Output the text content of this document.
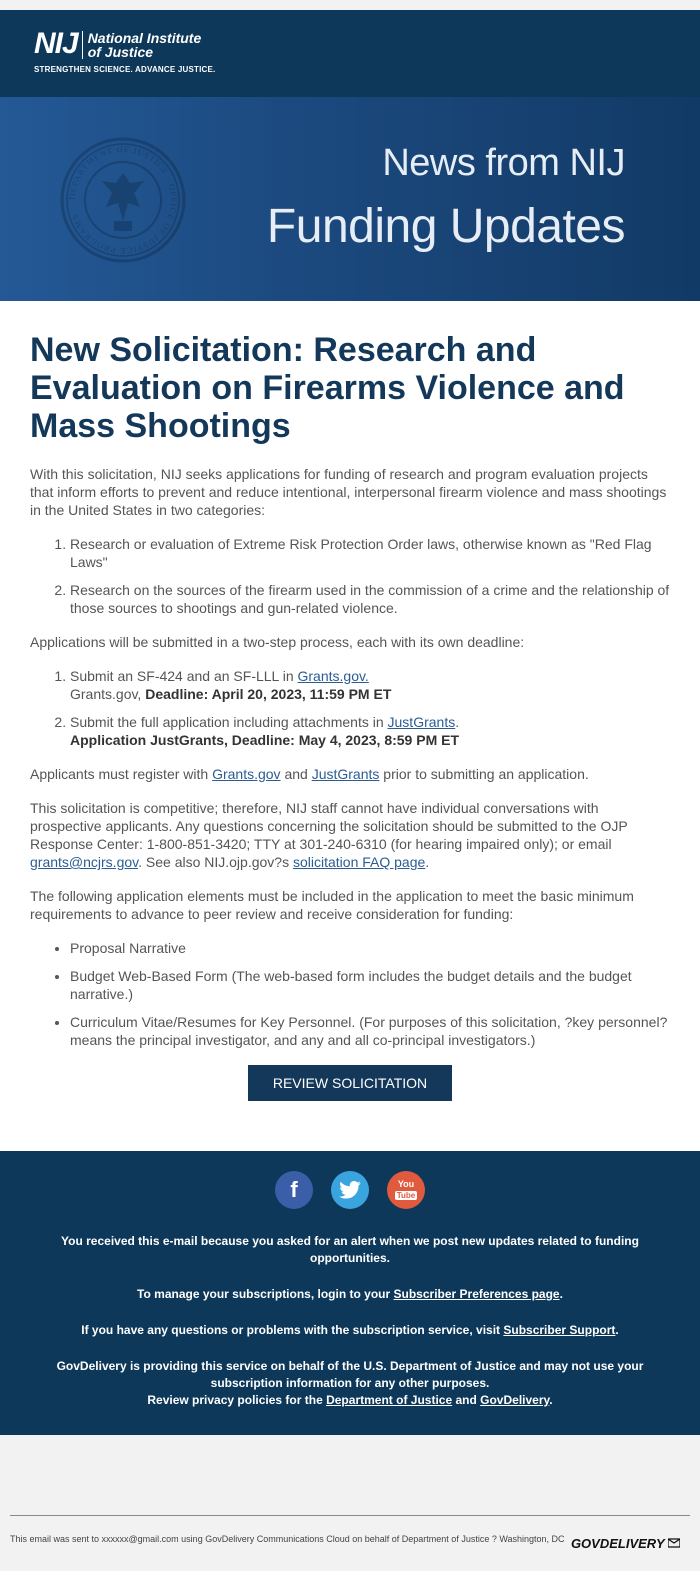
NIJ National Institute
of Justice
STRENGTHEN SCIENCE. ADVANCE JUSTICE.
DEPARTMENT OF JUSTICE · OFFICE OF JUSTICE PROGRAMS
News from NIJ
Funding Updates
New Solicitation: Research and Evaluation on Firearms Violence and Mass Shootings

With this solicitation, NIJ seeks applications for funding of research and program evaluation projects that inform efforts to prevent and reduce intentional, interpersonal firearm violence and mass shootings in the United States in two categories:

1. Research or evaluation of Extreme Risk Protection Order laws, otherwise known as "Red Flag Laws"
2. Research on the sources of the firearm used in the commission of a crime and the relationship of those sources to shootings and gun-related violence.

Applications will be submitted in a two-step process, each with its own deadline:

1. Submit an SF-424 and an SF-LLL in Grants.gov.
Grants.gov, Deadline: April 20, 2023, 11:59 PM ET
2. Submit the full application including attachments in JustGrants.
Application JustGrants, Deadline: May 4, 2023, 8:59 PM ET

Applicants must register with Grants.gov and JustGrants prior to submitting an application.

This solicitation is competitive; therefore, NIJ staff cannot have individual conversations with prospective applicants. Any questions concerning the solicitation should be submitted to the OJP Response Center: 1-800-851-3420; TTY at 301-240-6310 (for hearing impaired only); or email grants@ncjrs.gov. See also NIJ.ojp.gov?s solicitation FAQ page.

The following application elements must be included in the application to meet the basic minimum requirements to advance to peer review and receive consideration for funding:

• Proposal Narrative
• Budget Web-Based Form (The web-based form includes the budget details and the budget narrative.)
• Curriculum Vitae/Resumes for Key Personnel. (For purposes of this solicitation, ?key personnel? means the principal investigator, and any and all co-principal investigators.)
REVIEW SOLICITATION
f	You
Tube

You received this e-mail because you asked for an alert when we post new updates related to funding opportunities.

To manage your subscriptions, login to your Subscriber Preferences page.

If you have any questions or problems with the subscription service, visit Subscriber Support.

GovDelivery is providing this service on behalf of the U.S. Department of Justice and may not use your subscription information for any other purposes.
Review privacy policies for the Department of Justice and GovDelivery.

This email was sent to xxxxxx@gmail.com using GovDelivery Communications Cloud on behalf of Department of Justice ? Washington, DC GOVDELIVERY
